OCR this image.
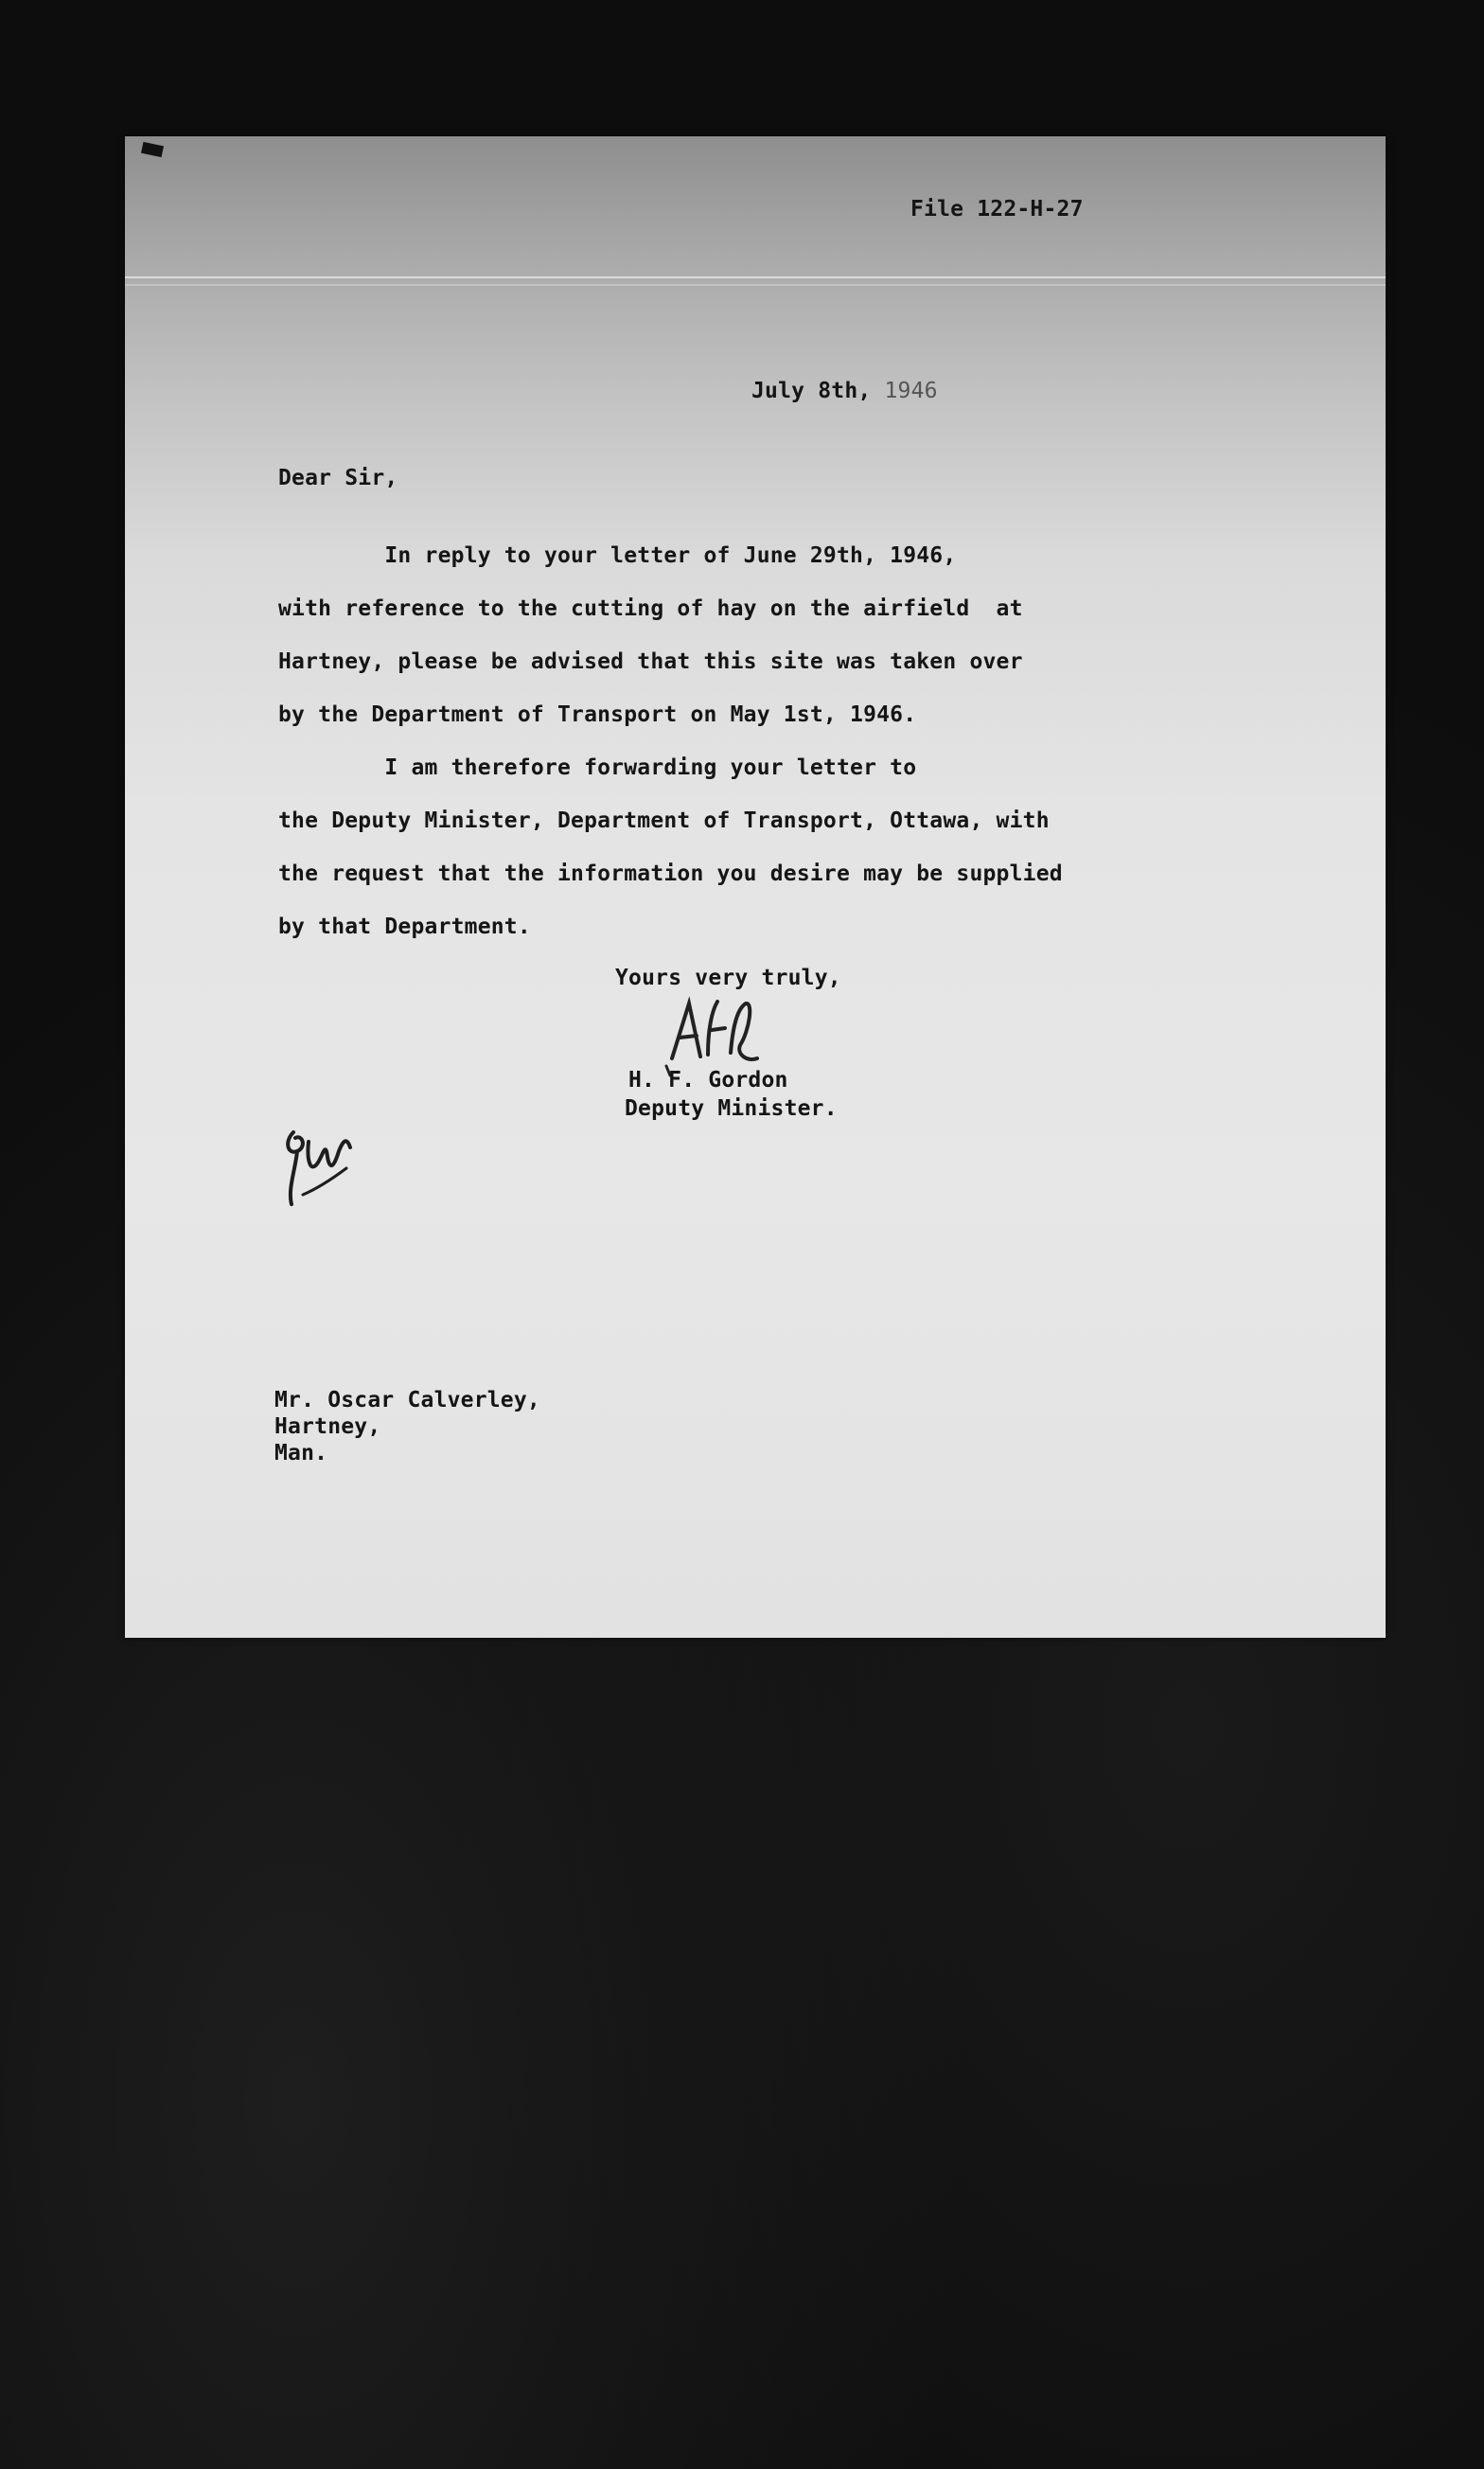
File 122-H-27
July 8th, 1946
Dear Sir,
In reply to your letter of June 29th, 1946,
with reference to the cutting of hay on the airfield  at
Hartney, please be advised that this site was taken over
by the Department of Transport on May 1st, 1946.
I am therefore forwarding your letter to
the Deputy Minister, Department of Transport, Ottawa, with
the request that the information you desire may be supplied
by that Department.
Yours very truly,
H. F. Gordon
Deputy Minister.
Mr. Oscar Calverley,
Hartney,
Man.
